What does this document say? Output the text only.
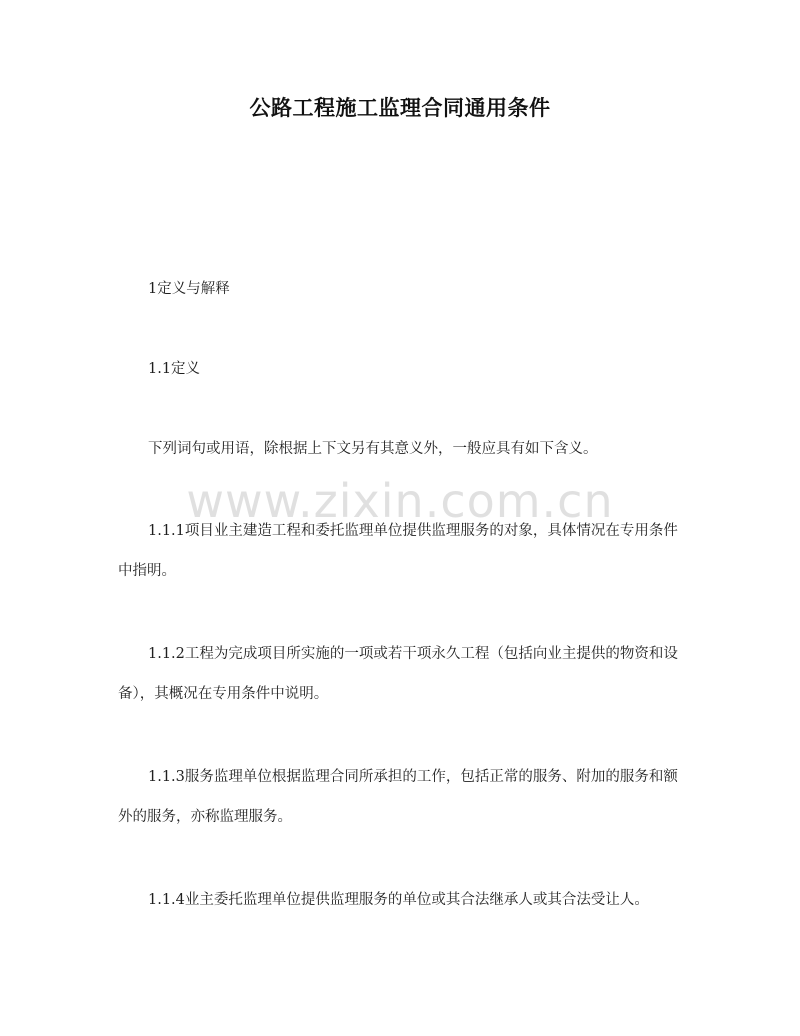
公路工程施工监理合同通用条件
1定义与解释
1.1定义
下列词句或用语，除根据上下文另有其意义外，一般应具有如下含义。
1.1.1项目业主建造工程和委托监理单位提供监理服务的对象，具体情况在专用条件中指明。
1.1.2工程为完成项目所实施的一项或若干项永久工程（包括向业主提供的物资和设备），其概况在专用条件中说明。
1.1.3服务监理单位根据监理合同所承担的工作，包括正常的服务、附加的服务和额外的服务，亦称监理服务。
1.1.4业主委托监理单位提供监理服务的单位或其合法继承人或其合法受让人。
www.zixin.com.cn
